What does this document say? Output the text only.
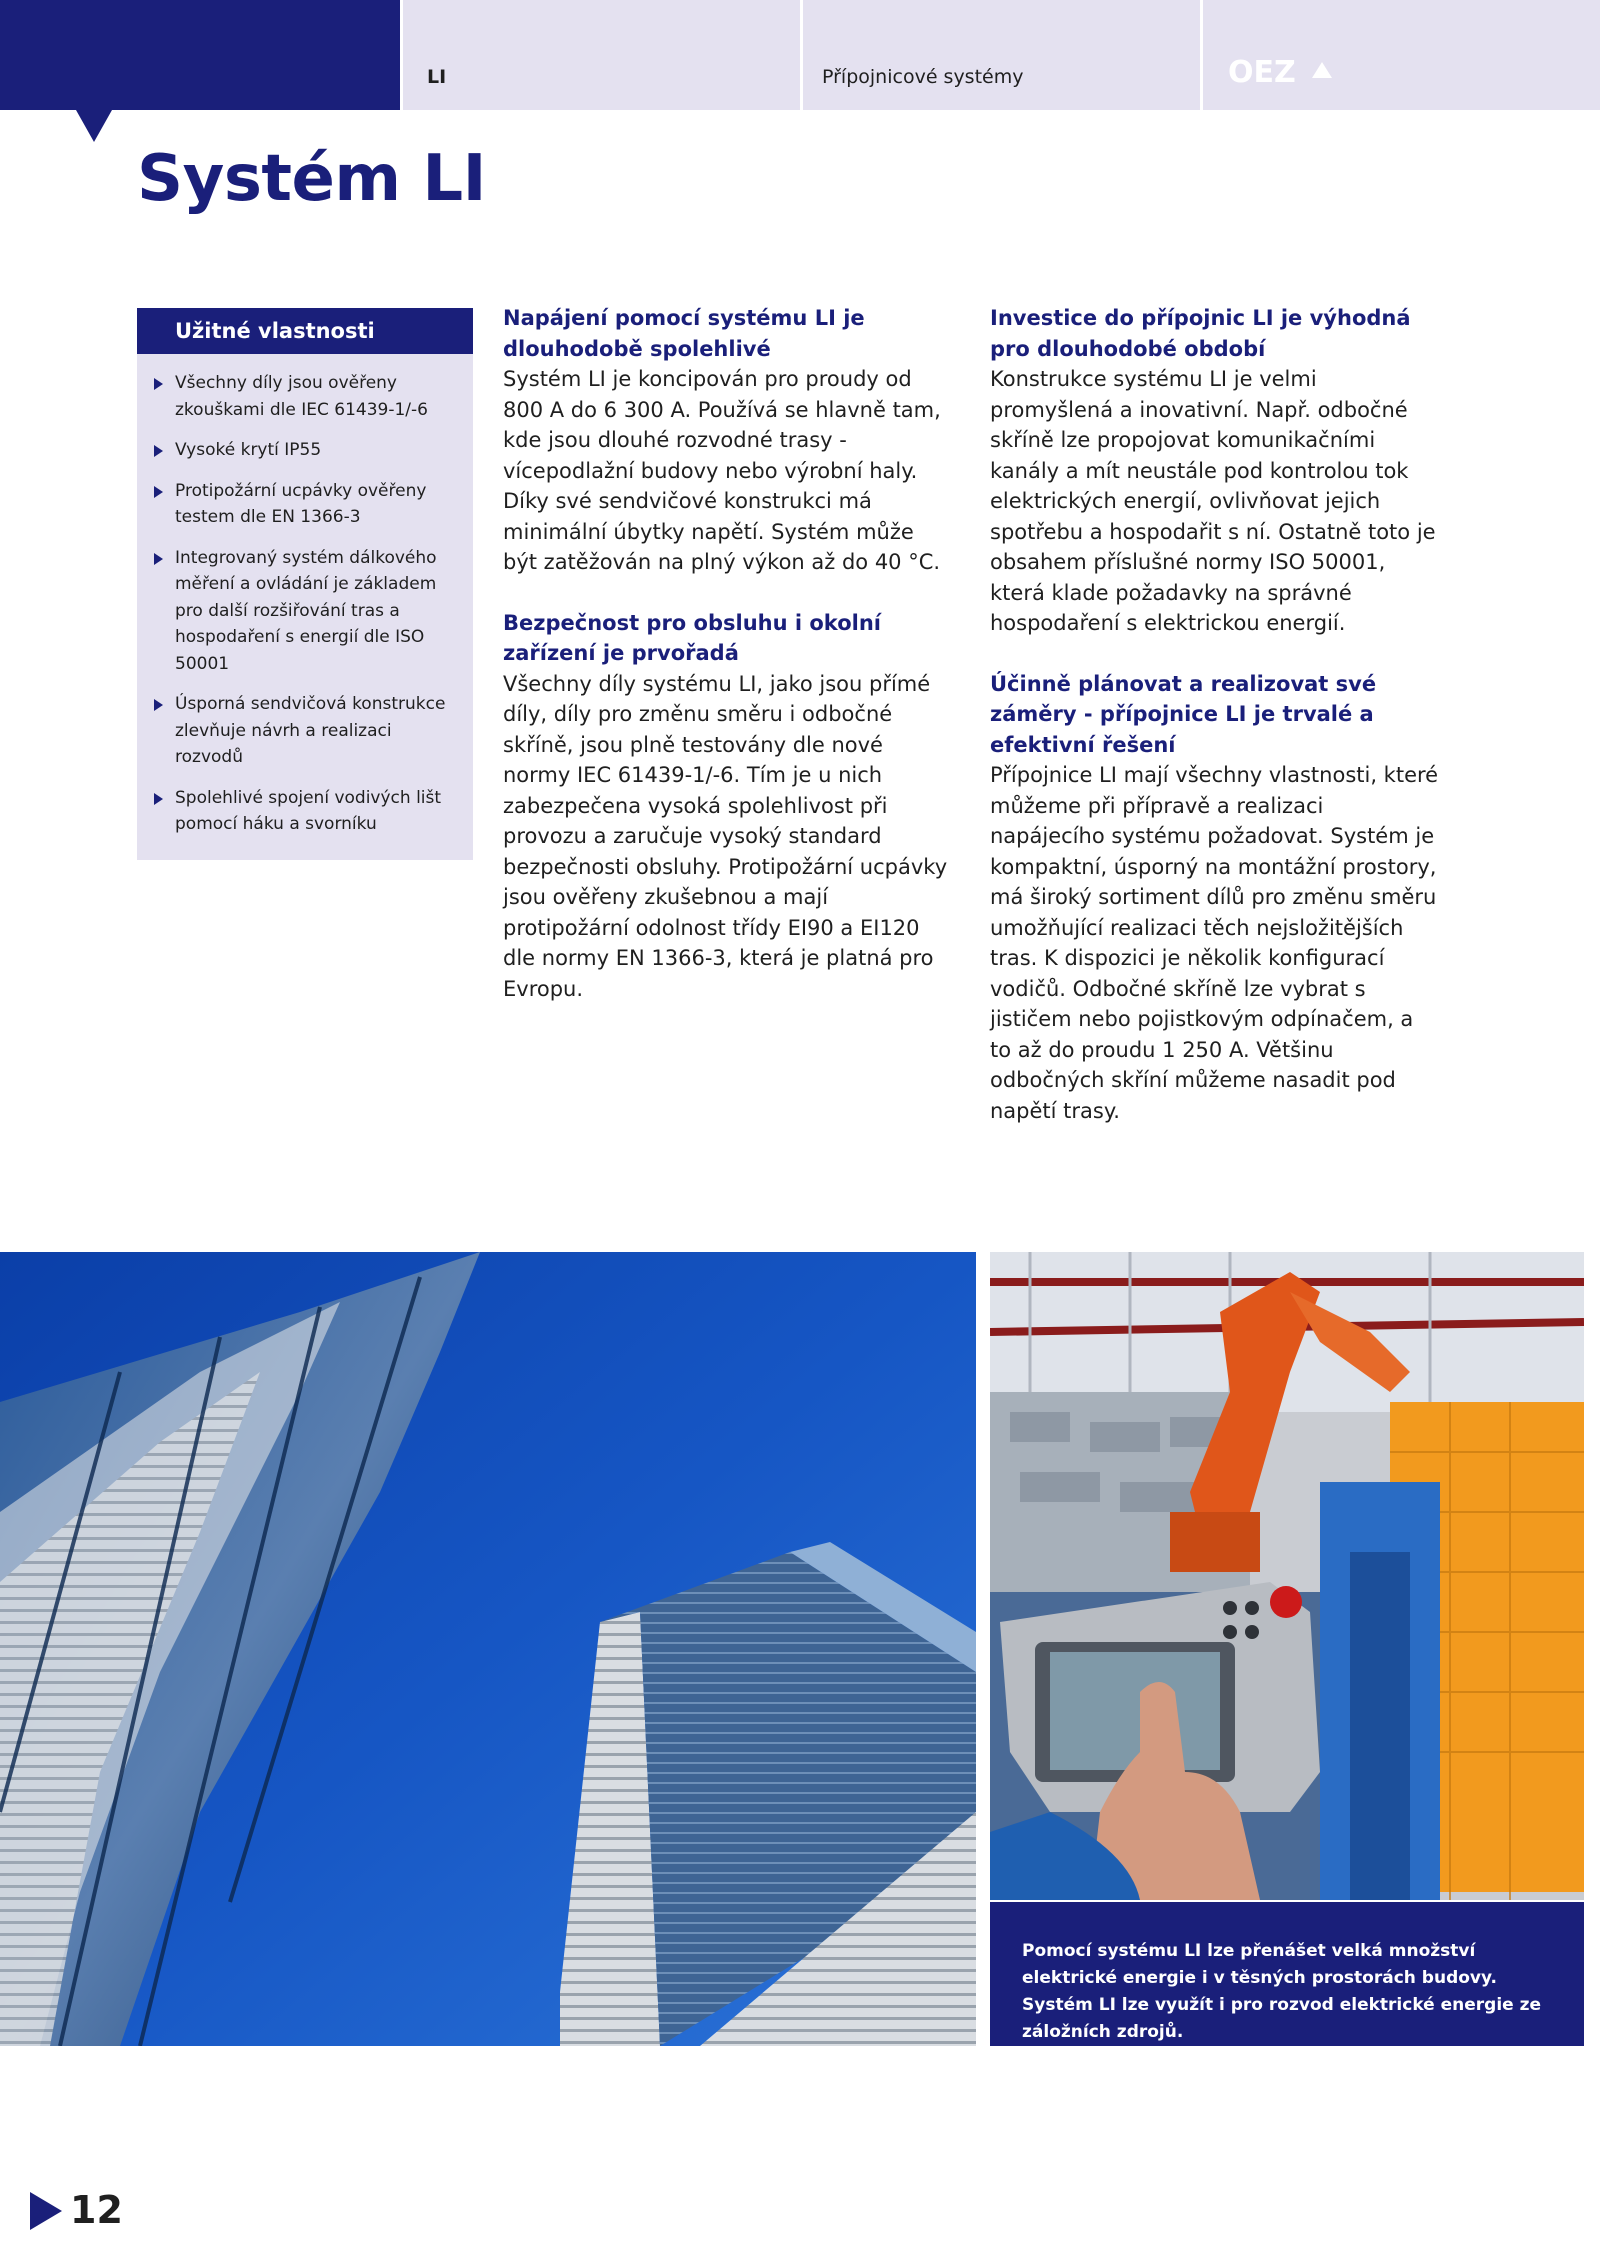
LI	Přípojnicové systémy	OEZ
Systém LI
Užitné vlastnosti
Všechny díly jsou ověřeny zkouškami dle IEC 61439-1/-6
Vysoké krytí IP55
Protipožární ucpávky ověřeny testem dle EN 1366-3
Integrovaný systém dálkového měření a ovládání je základem pro další rozšiřování tras a hospodaření s energií dle ISO 50001
Úsporná sendvičová konstrukce zlevňuje návrh a realizaci rozvodů
Spolehlivé spojení vodivých lišt pomocí háku a svorníku
Napájení pomocí systému LI je dlouhodobě spolehlivé

Systém LI je koncipován pro proudy od 800 A do 6 300 A. Používá se hlavně tam, kde jsou dlouhé rozvodné trasy - vícepodlažní budovy nebo výrobní haly. Díky své sendvičové konstrukci má minimální úbytky napětí. Systém může být zatěžován na plný výkon až do 40 °C.

Bezpečnost pro obsluhu i okolní zařízení je prvořadá

Všechny díly systému LI, jako jsou přímé díly, díly pro změnu směru i odbočné skříně, jsou plně testovány dle nové normy IEC 61439-1/-6. Tím je u nich zabezpečena vysoká spolehlivost při provozu a zaručuje vysoký standard bezpečnosti obsluhy. Protipožární ucpávky jsou ověřeny zkušebnou a mají protipožární odolnost třídy EI90 a EI120 dle normy EN 1366-3, která je platná pro Evropu.

Investice do přípojnic LI je výhodná pro dlouhodobé období

Konstrukce systému LI je velmi promyšlená a inovativní. Např. odbočné skříně lze propojovat komunikačními kanály a mít neustále pod kontrolou tok elektrických energií, ovlivňovat jejich spotřebu a hospodařit s ní. Ostatně toto je obsahem příslušné normy ISO 50001, která klade požadavky na správné hospodaření s elektrickou energií.

Účinně plánovat a realizovat své záměry - přípojnice LI je trvalé a efektivní řešení

Přípojnice LI mají všechny vlastnosti, které můžeme při přípravě a realizaci napájecího systému požadovat. Systém je kompaktní, úsporný na montážní prostory, má široký sortiment dílů pro změnu směru umožňující realizaci těch nejsložitějších tras. K dispozici je několik konfigurací vodičů. Odbočné skříně lze vybrat s jističem nebo pojistkovým odpínačem, a to až do proudu 1 250 A. Většinu odbočných skříní můžeme nasadit pod napětí trasy.

Pomocí systému LI lze přenášet velká množství elektrické energie i v těsných prostorách budovy. Systém LI lze využít i pro rozvod elektrické energie ze záložních zdrojů.
12
